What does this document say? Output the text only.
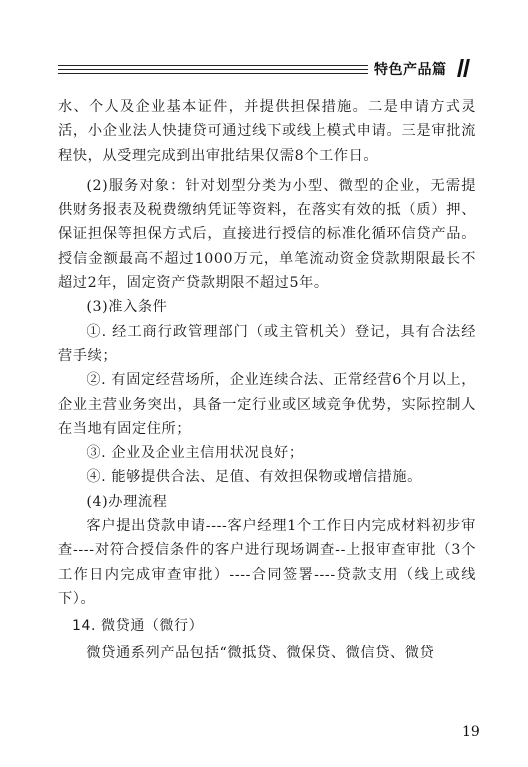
特色产品篇

水、个人及企业基本证件，并提供担保措施。二是申请方式灵活，小企业法人快捷贷可通过线下或线上模式申请。三是审批流程快，从受理完成到出审批结果仅需8个工作日。

(2)服务对象：针对划型分类为小型、微型的企业，无需提供财务报表及税费缴纳凭证等资料，在落实有效的抵（质）押、保证担保等担保方式后，直接进行授信的标准化循环信贷产品。授信金额最高不超过1000万元，单笔流动资金贷款期限最长不超过2年，固定资产贷款期限不超过5年。

(3)准入条件

①. 经工商行政管理部门（或主管机关）登记，具有合法经营手续；

②. 有固定经营场所，企业连续合法、正常经营6个月以上，企业主营业务突出，具备一定行业或区域竞争优势，实际控制人在当地有固定住所；

③. 企业及企业主信用状况良好；

④. 能够提供合法、足值、有效担保物或增信措施。

(4)办理流程

客户提出贷款申请----客户经理1个工作日内完成材料初步审查----对符合授信条件的客户进行现场调查--上报审查审批（3个工作日内完成审查审批）----合同签署----贷款支用（线上或线下）。

14. 微贷通（微行）

微贷通系列产品包括“微抵贷、微保贷、微信贷、微贷

19
